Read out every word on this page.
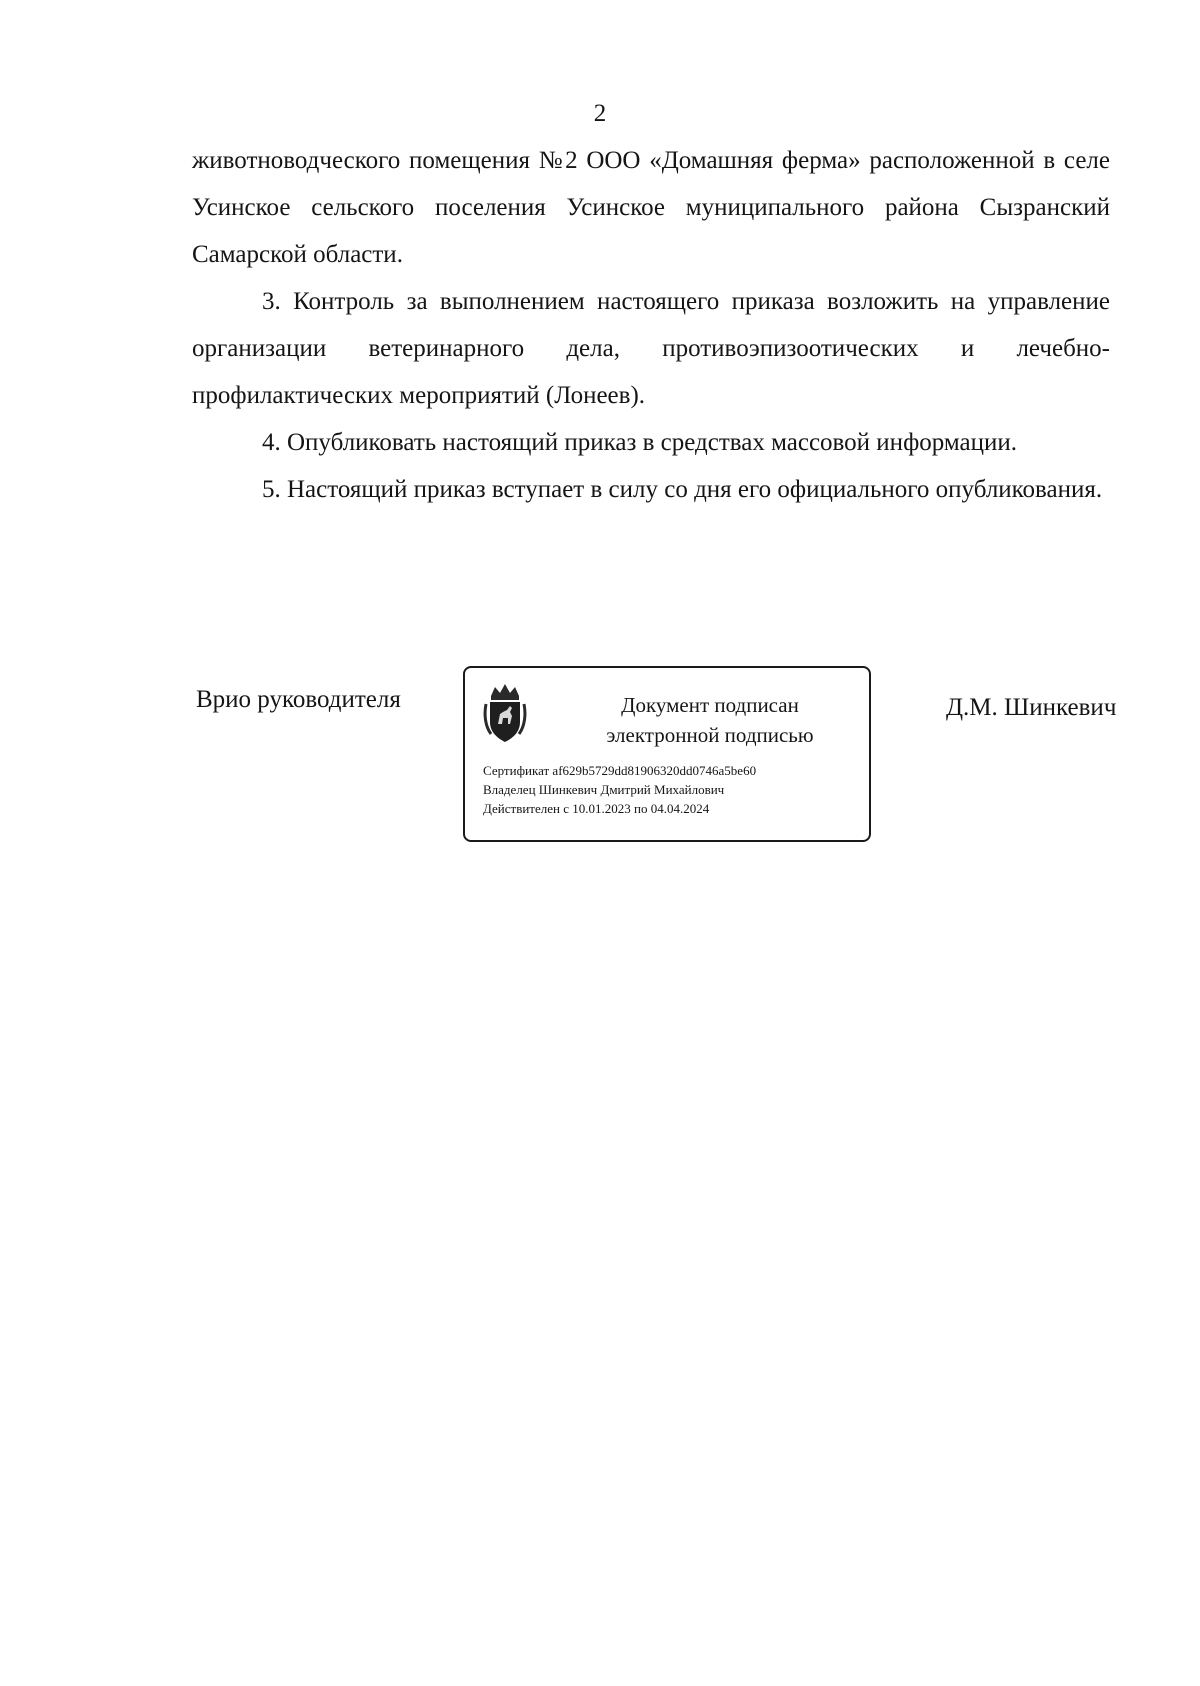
2

животноводческого помещения №2 ООО «Домашняя ферма» расположенной в селе Усинское сельского поселения Усинское муниципального района Сызранский Самарской области.

3. Контроль за выполнением настоящего приказа возложить на управление организации ветеринарного дела, противоэпизоотических и лечебно-профилактических мероприятий (Лонеев).

4. Опубликовать настоящий приказ в средствах массовой информации.

5. Настоящий приказ вступает в силу со дня его официального опубликования.

Врио руководителя	Документ подписан
электронной подписью
Сертификат af629b5729dd81906320dd0746a5be60
Владелец Шинкевич Дмитрий Михайлович
Действителен с 10.01.2023 по 04.04.2024
Д.М. Шинкевич
